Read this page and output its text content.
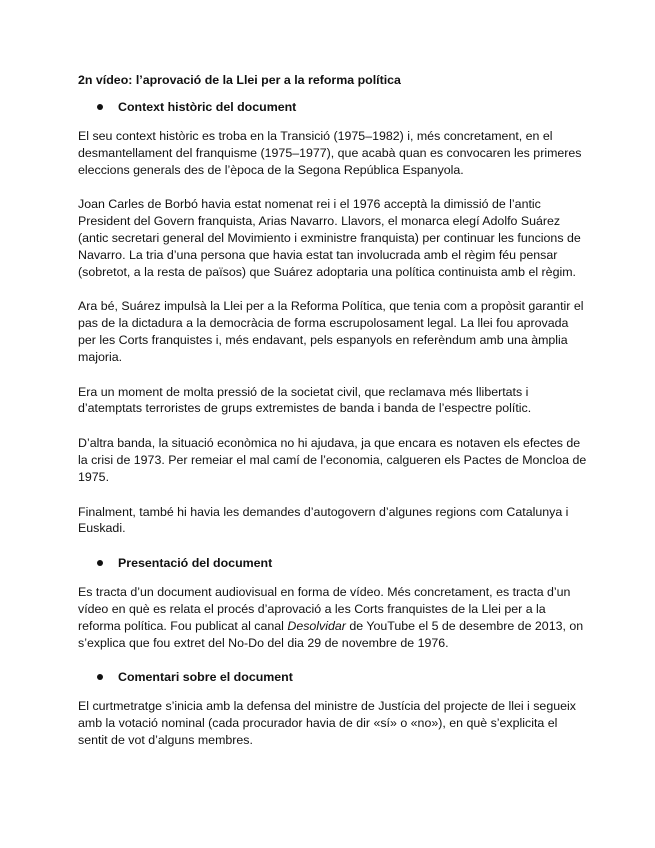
2n vídeo: l’aprovació de la Llei per a la reforma política
Context històric del document

El seu context històric es troba en la Transició (1975–1982) i, més concretament, en el desmantellament del franquisme (1975–1977), que acabà quan es convocaren les primeres eleccions generals des de l’època de la Segona República Espanyola.

Joan Carles de Borbó havia estat nomenat rei i el 1976 acceptà la dimissió de l’antic President del Govern franquista, Arias Navarro. Llavors, el monarca elegí Adolfo Suárez (antic secretari general del Movimiento i exministre franquista) per continuar les funcions de Navarro. La tria d’una persona que havia estat tan involucrada amb el règim féu pensar (sobretot, a la resta de països) que Suárez adoptaria una política continuista amb el règim.

Ara bé, Suárez impulsà la Llei per a la Reforma Política, que tenia com a propòsit garantir el pas de la dictadura a la democràcia de forma escrupolosament legal. La llei fou aprovada per les Corts franquistes i, més endavant, pels espanyols en referèndum amb una àmplia majoria.

Era un moment de molta pressió de la societat civil, que reclamava més llibertats i d’atemptats terroristes de grups extremistes de banda i banda de l’espectre polític.

D’altra banda, la situació econòmica no hi ajudava, ja que encara es notaven els efectes de la crisi de 1973. Per remeiar el mal camí de l’economia, calgueren els Pactes de Moncloa de 1975.

Finalment, també hi havia les demandes d’autogovern d’algunes regions com Catalunya i Euskadi.

Presentació del document

Es tracta d’un document audiovisual en forma de vídeo. Més concretament, es tracta d’un vídeo en què es relata el procés d’aprovació a les Corts franquistes de la Llei per a la reforma política. Fou publicat al canal Desolvidar de YouTube el 5 de desembre de 2013, on s’explica que fou extret del No-Do del dia 29 de novembre de 1976.

Comentari sobre el document

El curtmetratge s’inicia amb la defensa del ministre de Justícia del projecte de llei i segueix amb la votació nominal (cada procurador havia de dir «sí» o «no»), en què s’explicita el sentit de vot d’alguns membres.
